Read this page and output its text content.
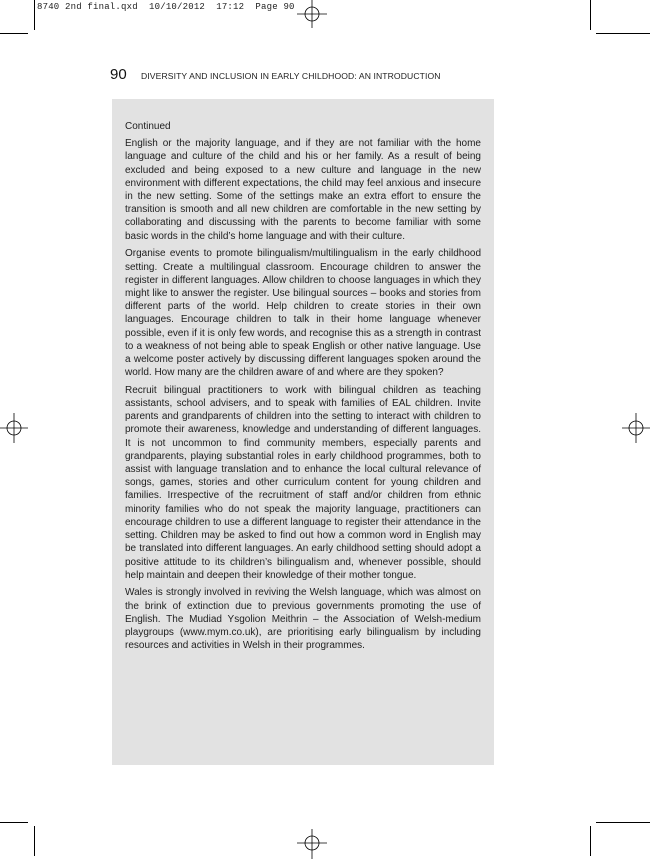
8740 2nd final.qxd  10/10/2012  17:12  Page 90
90 DIVERSITY AND INCLUSION IN EARLY CHILDHOOD: AN INTRODUCTION

Continued

English or the majority language, and if they are not familiar with the home language and culture of the child and his or her family. As a result of being excluded and being exposed to a new culture and language in the new environment with different expectations, the child may feel anxious and insecure in the new setting. Some of the settings make an extra effort to ensure the transition is smooth and all new children are comfortable in the new setting by collaborating and discussing with the parents to become familiar with some basic words in the child’s home language and with their culture.

Organise events to promote bilingualism/multilingualism in the early childhood setting. Create a multilingual classroom. Encourage children to answer the register in different languages. Allow children to choose languages in which they might like to answer the register. Use bilingual sources – books and stories from different parts of the world. Help children to create stories in their own languages. Encourage children to talk in their home language whenever possible, even if it is only few words, and recognise this as a strength in contrast to a weakness of not being able to speak English or other native language. Use a welcome poster actively by discussing different languages spoken around the world. How many are the children aware of and where are they spoken?

Recruit bilingual practitioners to work with bilingual children as teaching assistants, school advisers, and to speak with families of EAL children. Invite parents and grandparents of children into the setting to interact with children to promote their awareness, knowledge and understanding of different languages. It is not uncommon to find community members, especially parents and grandparents, playing substantial roles in early childhood programmes, both to assist with language translation and to enhance the local cultural relevance of songs, games, stories and other curriculum content for young children and families. Irrespective of the recruitment of staff and/or children from ethnic minority families who do not speak the majority language, practitioners can encourage children to use a different language to register their attendance in the setting. Children may be asked to find out how a common word in English may be translated into different languages. An early childhood setting should adopt a positive attitude to its children’s bilingualism and, whenever possible, should help maintain and deepen their knowledge of their mother tongue.

Wales is strongly involved in reviving the Welsh language, which was almost on the brink of extinction due to previous governments promoting the use of English. The Mudiad Ysgolion Meithrin – the Association of Welsh-medium playgroups (www.mym.co.uk), are prioritising early bilingualism by including resources and activities in Welsh in their programmes.
